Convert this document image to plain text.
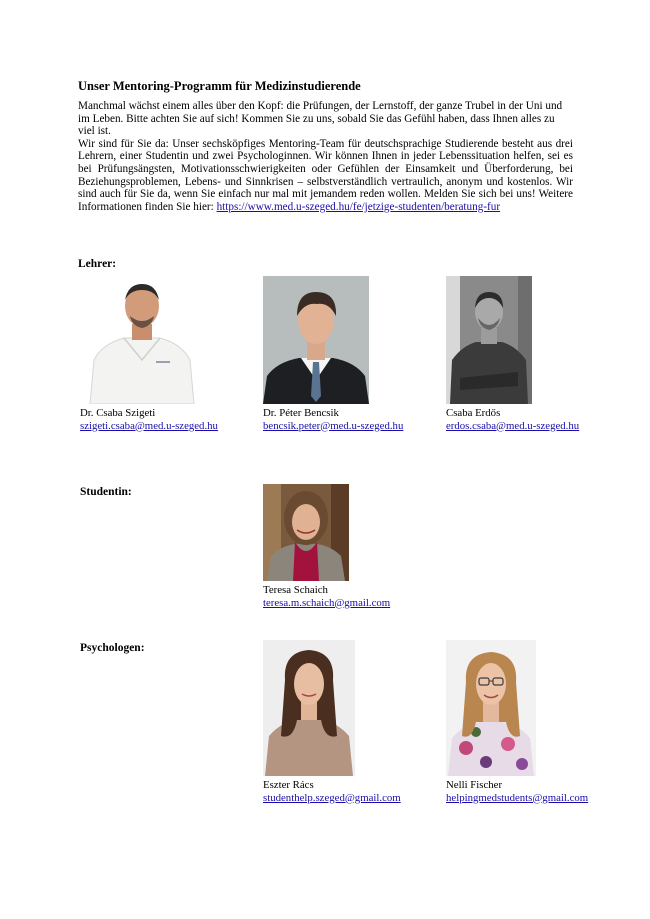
Unser Mentoring-Programm für Medizinstudierende

Manchmal wächst einem alles über den Kopf: die Prüfungen, der Lernstoff, der ganze Trubel in der Uni und im Leben. Bitte achten Sie auf sich! Kommen Sie zu uns, sobald Sie das Gefühl haben, dass Ihnen alles zu viel ist.

Wir sind für Sie da: Unser sechsköpfiges Mentoring-Team für deutschsprachige Studierende besteht aus drei Lehrern, einer Studentin und zwei Psychologinnen. Wir können Ihnen in jeder Lebenssituation helfen, sei es bei Prüfungsängsten, Motivationsschwierigkeiten oder Gefühlen der Einsamkeit und Überforderung, bei Beziehungsproblemen, Lebens- und Sinnkrisen – selbstverständlich vertraulich, anonym und kostenlos. Wir sind auch für Sie da, wenn Sie einfach nur mal mit jemandem reden wollen. Melden Sie sich bei uns! Weitere Informationen finden Sie hier: https://www.med.u-szeged.hu/fe/jetzige-studenten/beratung-fur

Lehrer:
Dr. Csaba Szigeti
szigeti.csaba@med.u-szeged.hu
Dr. Péter Bencsik
bencsik.peter@med.u-szeged.hu
Csaba Erdős
erdos.csaba@med.u-szeged.hu
Studentin:
Teresa Schaich
teresa.m.schaich@gmail.com
Psychologen:
Eszter Rács
studenthelp.szeged@gmail.com
Nelli Fischer
helpingmedstudents@gmail.com
